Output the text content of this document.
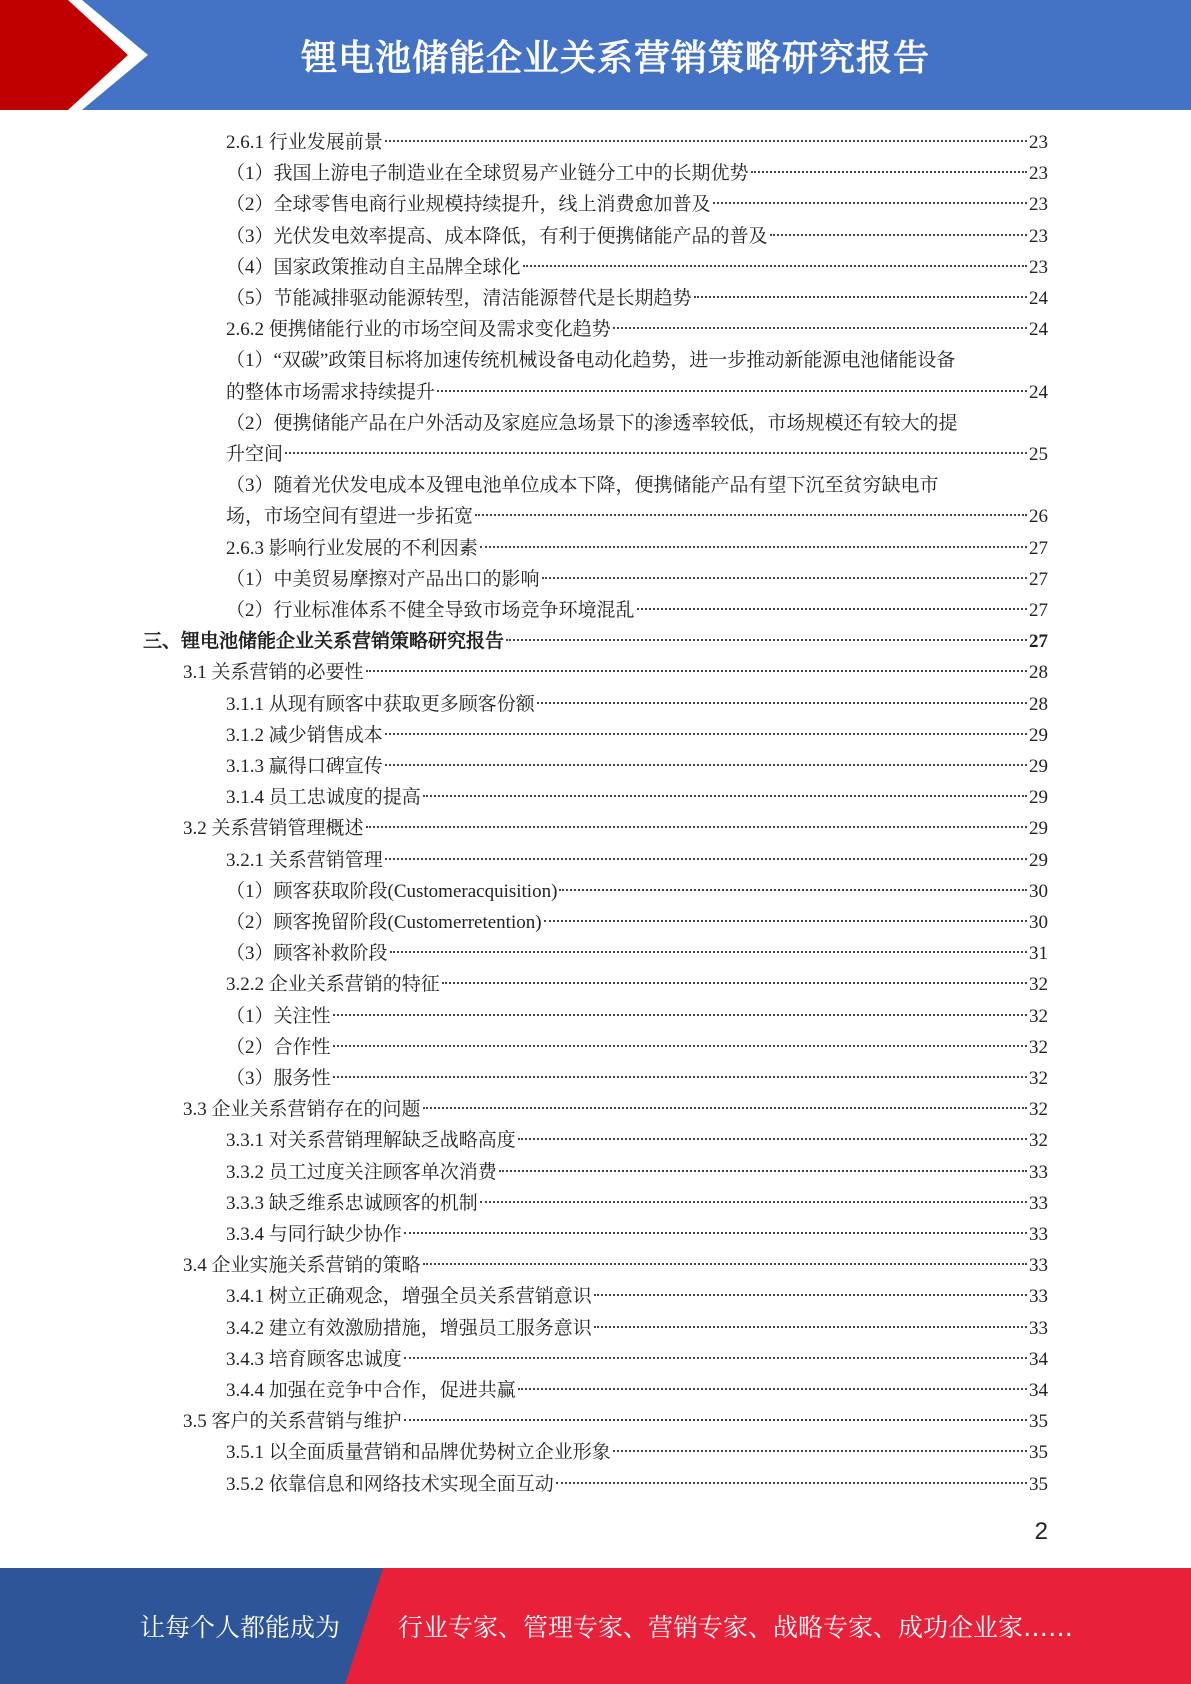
锂电池储能企业关系营销策略研究报告
2.6.1 行业发展前景	23
（1）我国上游电子制造业在全球贸易产业链分工中的长期优势	23
（2）全球零售电商行业规模持续提升，线上消费愈加普及	23
（3）光伏发电效率提高、成本降低，有利于便携储能产品的普及	23
（4）国家政策推动自主品牌全球化	23
（5）节能减排驱动能源转型，清洁能源替代是长期趋势	24
2.6.2 便携储能行业的市场空间及需求变化趋势	24
（1）“双碳”政策目标将加速传统机械设备电动化趋势，进一步推动新能源电池储能设备
的整体市场需求持续提升	24
（2）便携储能产品在户外活动及家庭应急场景下的渗透率较低，市场规模还有较大的提
升空间	25
（3）随着光伏发电成本及锂电池单位成本下降，便携储能产品有望下沉至贫穷缺电市
场，市场空间有望进一步拓宽	26
2.6.3 影响行业发展的不利因素	27
（1）中美贸易摩擦对产品出口的影响	27
（2）行业标准体系不健全导致市场竞争环境混乱	27
三、锂电池储能企业关系营销策略研究报告	27
3.1 关系营销的必要性	28
3.1.1 从现有顾客中获取更多顾客份额	28
3.1.2 减少销售成本	29
3.1.3 赢得口碑宣传	29
3.1.4 员工忠诚度的提高	29
3.2 关系营销管理概述	29
3.2.1 关系营销管理	29
（1）顾客获取阶段(Customeracquisition)	30
（2）顾客挽留阶段(Customerretention)	30
（3）顾客补救阶段	31
3.2.2 企业关系营销的特征	32
（1）关注性	32
（2）合作性	32
（3）服务性	32
3.3 企业关系营销存在的问题	32
3.3.1 对关系营销理解缺乏战略高度	32
3.3.2 员工过度关注顾客单次消费	33
3.3.3 缺乏维系忠诚顾客的机制	33
3.3.4 与同行缺少协作	33
3.4 企业实施关系营销的策略	33
3.4.1 树立正确观念，增强全员关系营销意识	33
3.4.2 建立有效激励措施，增强员工服务意识	33
3.4.3 培育顾客忠诚度	34
3.4.4 加强在竞争中合作，促进共赢	34
3.5 客户的关系营销与维护	35
3.5.1 以全面质量营销和品牌优势树立企业形象	35
3.5.2 依靠信息和网络技术实现全面互动	35
2
让每个人都能成为 行业专家、管理专家、营销专家、战略专家、成功企业家……
